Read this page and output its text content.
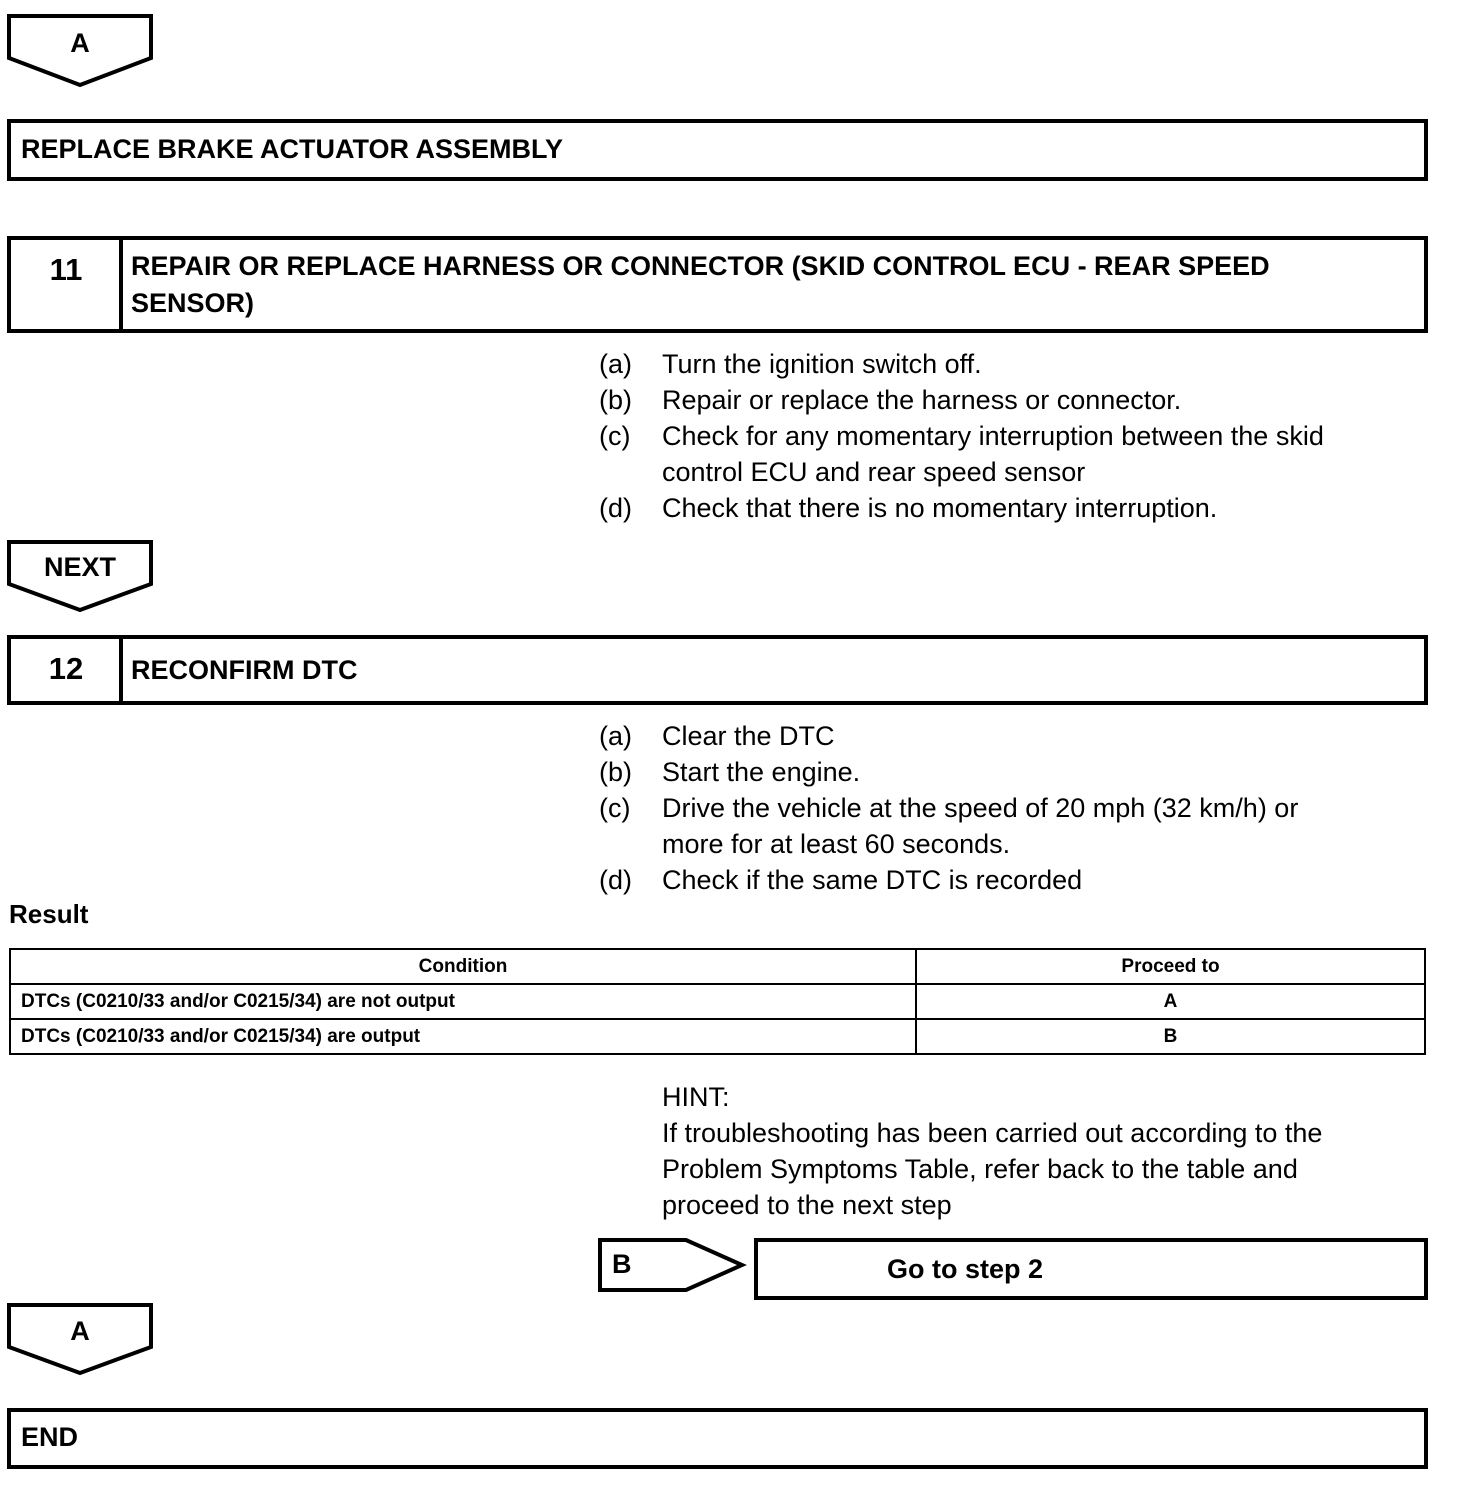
A
REPLACE BRAKE ACTUATOR ASSEMBLY
11	REPAIR OR REPLACE HARNESS OR CONNECTOR (SKID CONTROL ECU - REAR SPEED
SENSOR)
(a) Turn the ignition switch off.
(b) Repair or replace the harness or connector.
(c) Check for any momentary interruption between the skid
control ECU and rear speed sensor
(d) Check that there is no momentary interruption.
NEXT
12	RECONFIRM DTC
(a) Clear the DTC
(b) Start the engine.
(c) Drive the vehicle at the speed of 20 mph (32 km/h) or
more for at least 60 seconds.
(d) Check if the same DTC is recorded
Result
Condition	Proceed to
DTCs (C0210/33 and/or C0215/34) are not output	A
DTCs (C0210/33 and/or C0215/34) are output	B
HINT:
If troubleshooting has been carried out according to the
Problem Symptoms Table, refer back to the table and
proceed to the next step
B	Go to step 2
A
END
